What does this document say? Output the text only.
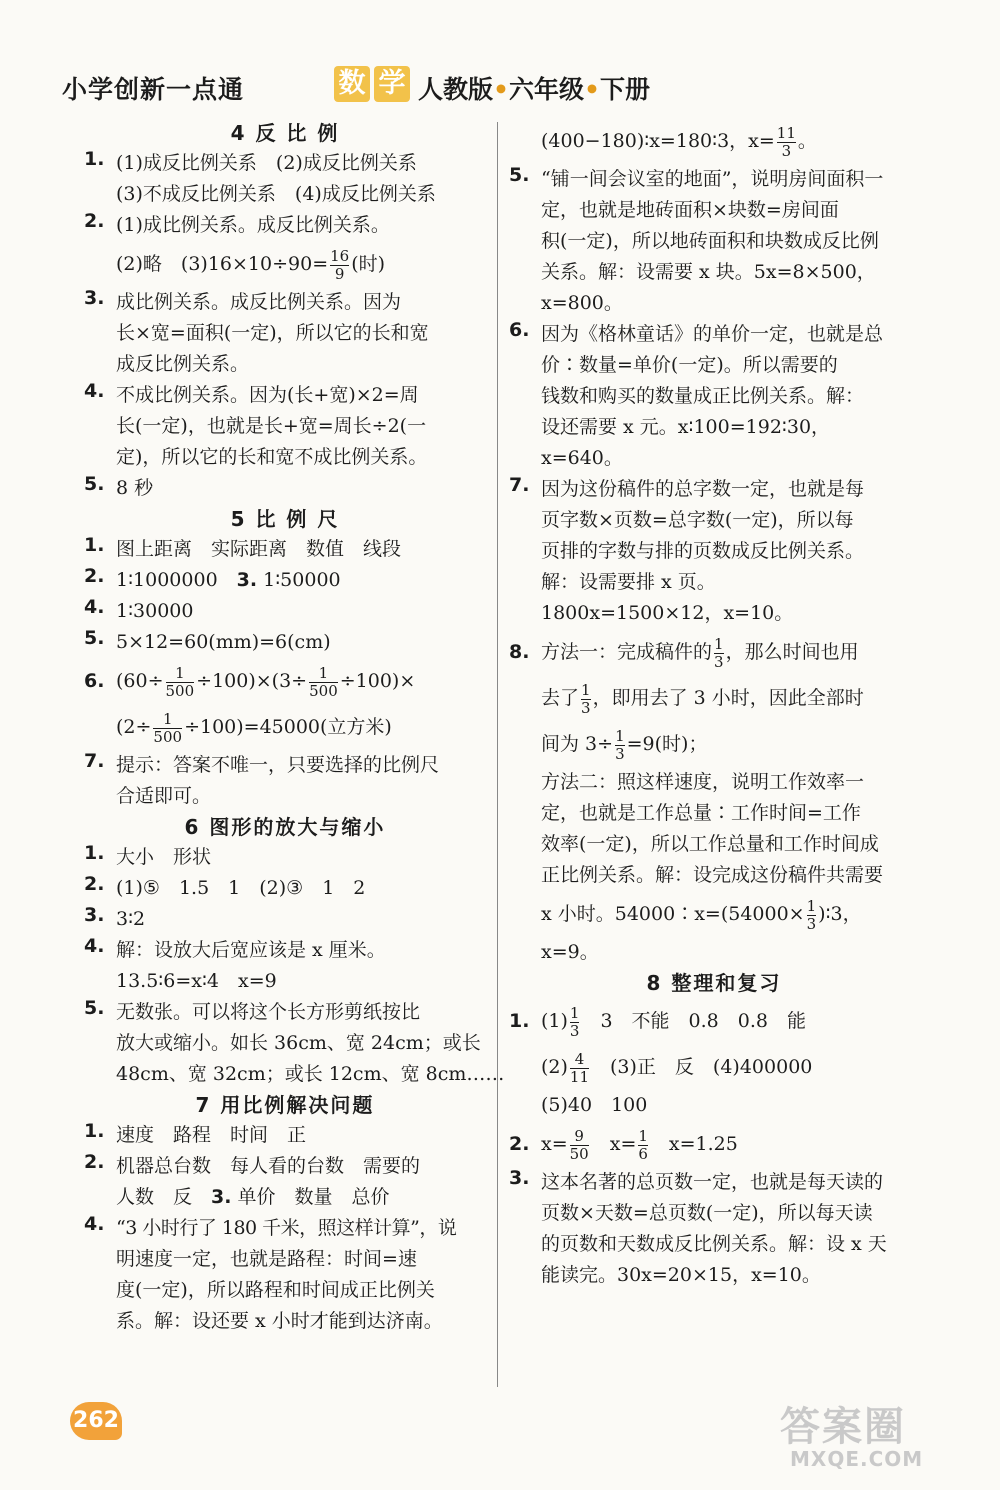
小学创新一点通	数 学 人教版•六年级•下册
4 反 比 例
1. (1)成反比例关系　(2)成反比例关系
(3)不成反比例关系　(4)成反比例关系
2. (1)成比例关系。成反比例关系。
(2)略　$(3)16\times 10\div 90= \frac{16}{9}$ (时)
3. 成比例关系。成反比例关系。因为
长×宽=面积(一定)，所以它的长和宽
成反比例关系。
4. 不成比例关系。因为(长+宽)×2=周
长(一定)，也就是长+宽=周长÷2(一
定)，所以它的长和宽不成比例关系。
5. 8 秒
5 比 例 尺
1. 图上距离　实际距离　数值　线段
2. 1∶1000000　3. 1∶50000
4. 1∶30000
5. 5×12=60(mm)=6(cm)
6. $(60\div \frac{1}{500} \div 100)\times(3\div \frac{1}{500} \div 100)\times$
$(2\div \frac{1}{500} \div 100)=45000$(立方米)
7. 提示：答案不唯一，只要选择的比例尺
合适即可。
6 图形的放大与缩小
1. 大小　形状
2. (1)⑤　1.5　1　(2)③　1　2
3. 3∶2
4. 解：设放大后宽应该是 x 厘米。
13.5∶6=x∶4　x=9
5. 无数张。可以将这个长方形剪纸按比
放大或缩小。如长 36cm、宽 24cm；或长
48cm、宽 32cm；或长 12cm、宽 8cm……
7 用比例解决问题
1. 速度　路程　时间　正
2. 机器总台数　每人看的台数　需要的
人数　反　3. 单价　数量　总价
4. “3 小时行了 180 千米，照这样计算”，说
明速度一定，也就是路程：时间=速
度(一定)，所以路程和时间成正比例关
系。解：设还要 x 小时才能到达济南。
(400−180)∶x=180∶3，$x= \frac{11}{3}$ 。
5. “铺一间会议室的地面”，说明房间面积一
定，也就是地砖面积×块数=房间面
积(一定)，所以地砖面积和块数成反比例
关系。解：设需要 x 块。5x=8×500，
x=800。
6. 因为《格林童话》的单价一定，也就是总
价∶数量=单价(一定)。所以需要的
钱数和购买的数量成正比例关系。解：
设还需要 x 元。x∶100=192∶30，
x=640。
7. 因为这份稿件的总字数一定，也就是每
页字数×页数=总字数(一定)，所以每
页排的字数与排的页数成反比例关系。
解：设需要排 x 页。
1800x=1500×12，x=10。
8. 方法一：完成稿件的 $\frac{1}{3}$ ，那么时间也用
去了 $\frac{1}{3}$ ，即用去了 3 小时，因此全部时
间为 $3\div \frac{1}{3} =9$(时)；
方法二：照这样速度，说明工作效率一
定，也就是工作总量∶工作时间=工作
效率(一定)，所以工作总量和工作时间成
正比例关系。解：设完成这份稿件共需要
x 小时。54000∶x=(54000× $\frac{1}{3}$ )∶3，
x=9。
8 整理和复习
1. $(1) \frac{1}{3}$ 　3　不能　0.8　0.8　能
$(2) \frac{4}{11}$ 　(3)正　反　(4)400000
(5)40　100
2. $x= \frac{9}{50}$ 　$x= \frac{1}{6}$ 　x=1.25
3. 这本名著的总页数一定，也就是每天读的
页数×天数=总页数(一定)，所以每天读
的页数和天数成反比例关系。解：设 x 天
能读完。30x=20×15，x=10。
262	答案圈
MXQE.COM
